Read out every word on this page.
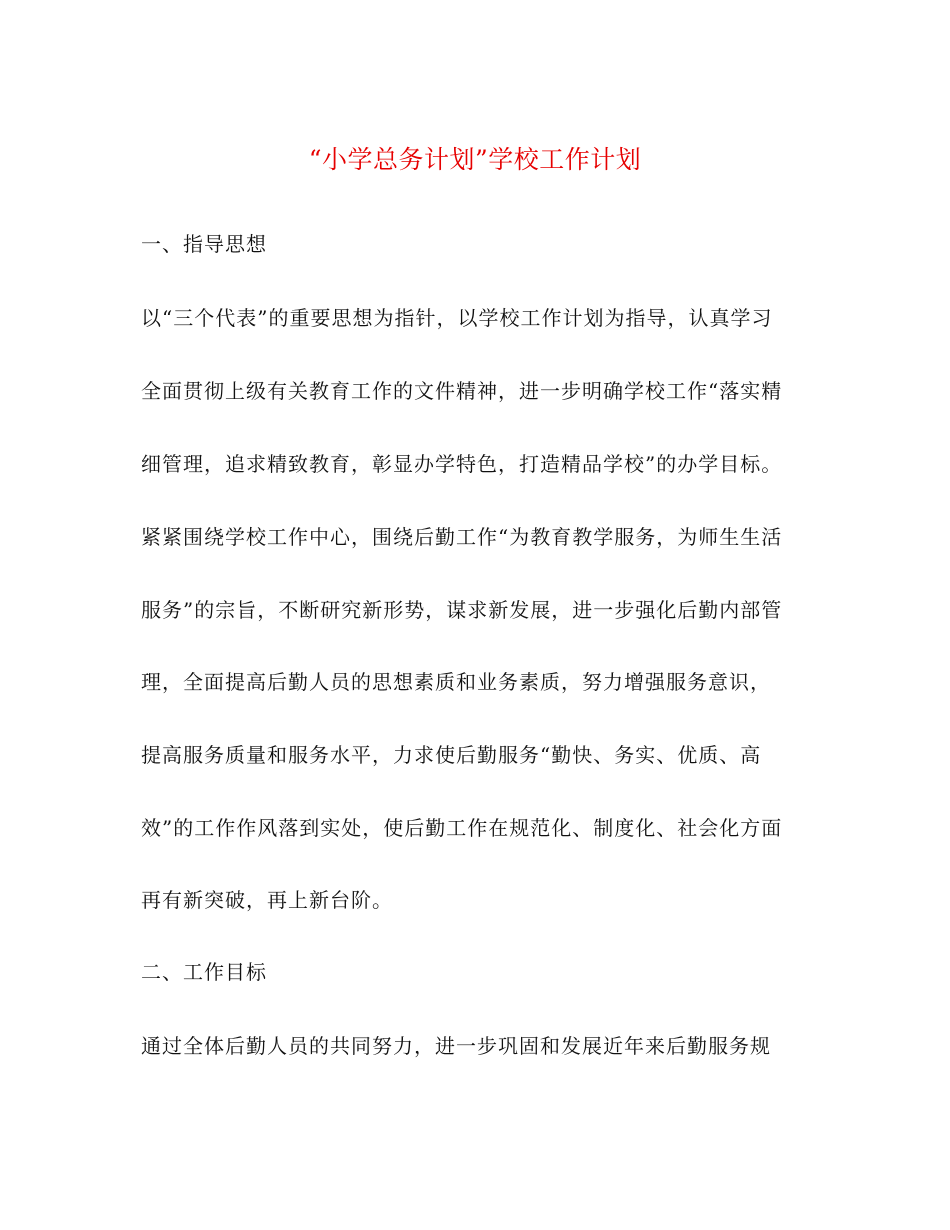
“小学总务计划”学校工作计划
一、指导思想
以“三个代表”的重要思想为指针，以学校工作计划为指导，认真学习
全面贯彻上级有关教育工作的文件精神，进一步明确学校工作“落实精
细管理，追求精致教育，彰显办学特色，打造精品学校”的办学目标。
紧紧围绕学校工作中心，围绕后勤工作“为教育教学服务，为师生生活
服务”的宗旨，不断研究新形势，谋求新发展，进一步强化后勤内部管
理，全面提高后勤人员的思想素质和业务素质，努力增强服务意识，
提高服务质量和服务水平，力求使后勤服务“勤快、务实、优质、高
效”的工作作风落到实处，使后勤工作在规范化、制度化、社会化方面
再有新突破，再上新台阶。
二、工作目标
通过全体后勤人员的共同努力，进一步巩固和发展近年来后勤服务规
